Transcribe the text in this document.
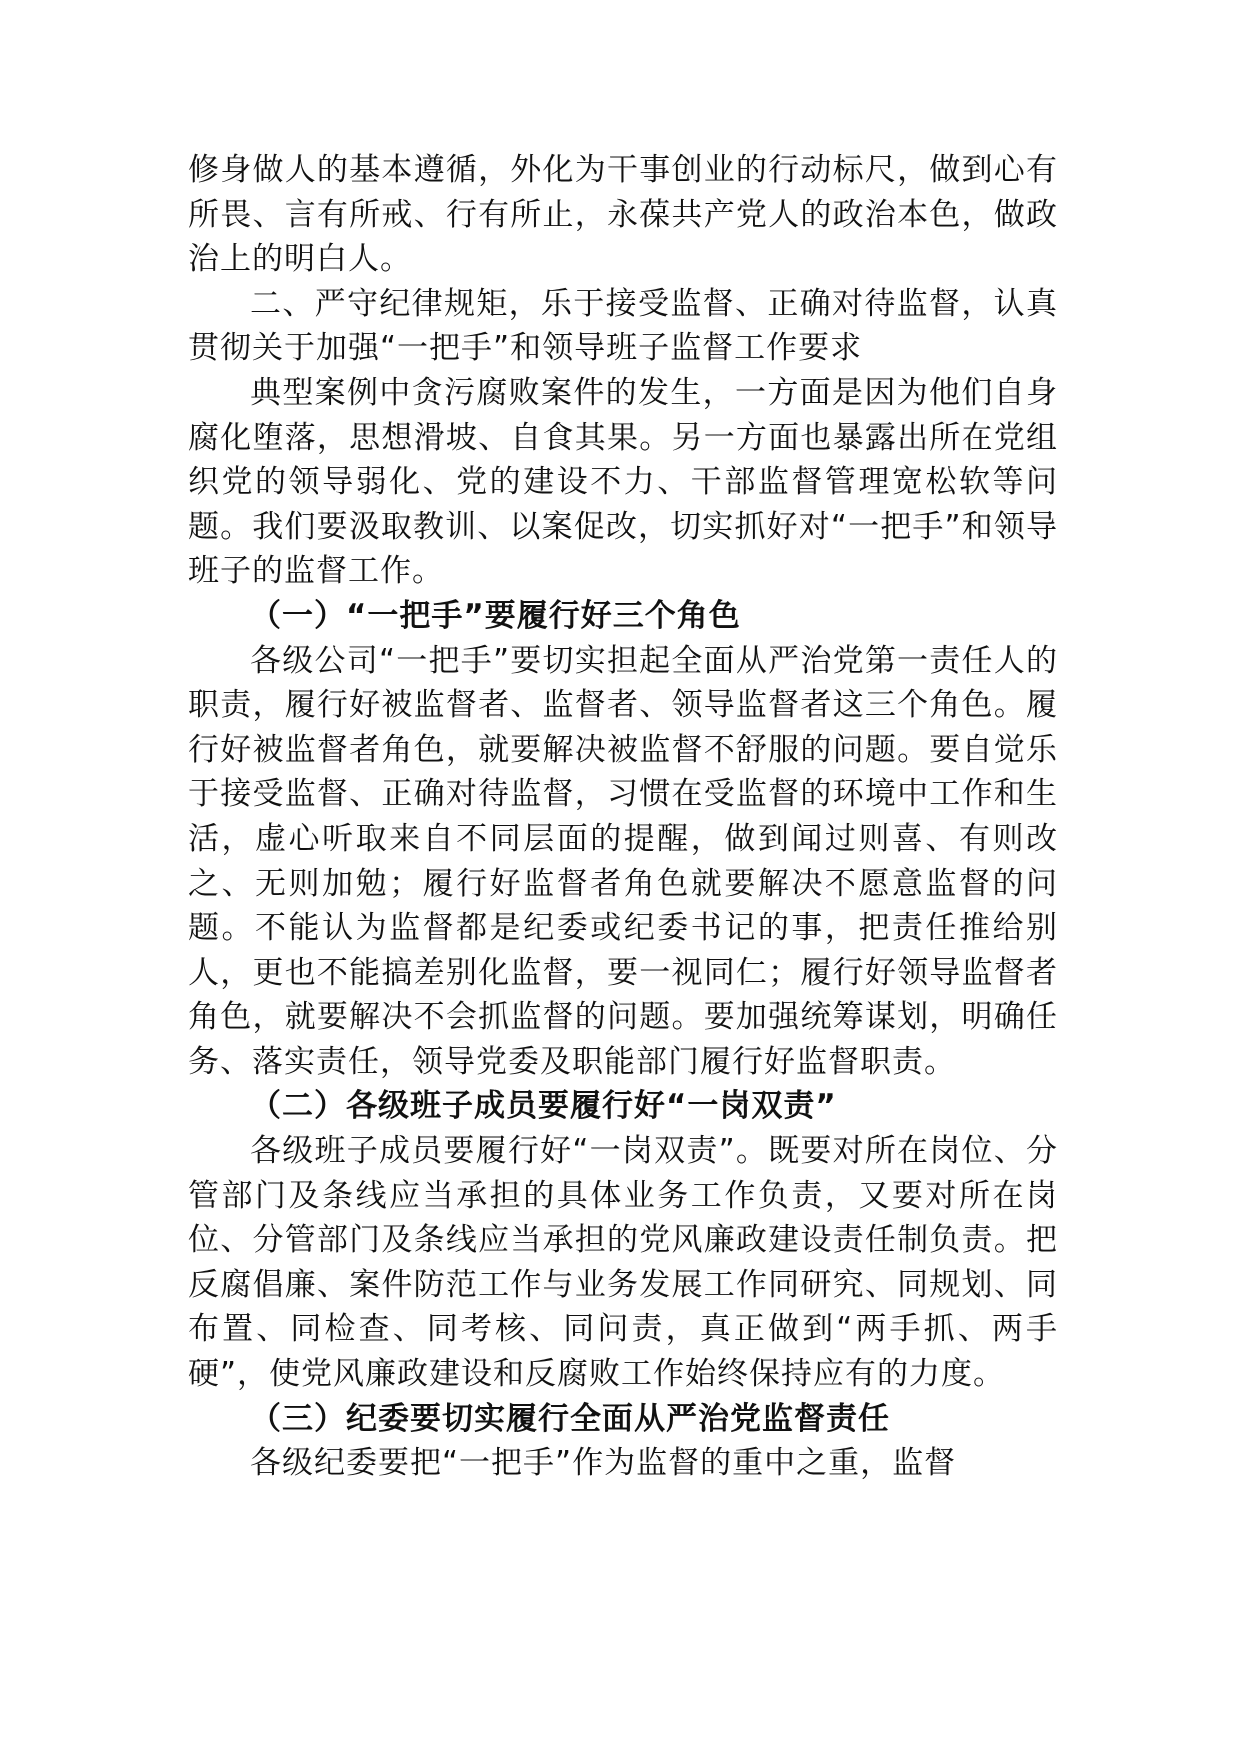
修身做人的基本遵循，外化为干事创业的行动标尺，做到心有所畏、言有所戒、行有所止，永葆共产党人的政治本色，做政治上的明白人。

二、严守纪律规矩，乐于接受监督、正确对待监督，认真贯彻关于加强“一把手”和领导班子监督工作要求

典型案例中贪污腐败案件的发生，一方面是因为他们自身腐化堕落，思想滑坡、自食其果。另一方面也暴露出所在党组织党的领导弱化、党的建设不力、干部监督管理宽松软等问题。我们要汲取教训、以案促改，切实抓好对“一把手”和领导班子的监督工作。

（一）“一把手”要履行好三个角色

各级公司“一把手”要切实担起全面从严治党第一责任人的职责，履行好被监督者、监督者、领导监督者这三个角色。履行好被监督者角色，就要解决被监督不舒服的问题。要自觉乐于接受监督、正确对待监督，习惯在受监督的环境中工作和生活，虚心听取来自不同层面的提醒，做到闻过则喜、有则改之、无则加勉；履行好监督者角色就要解决不愿意监督的问题。不能认为监督都是纪委或纪委书记的事，把责任推给别人，更也不能搞差别化监督，要一视同仁；履行好领导监督者角色，就要解决不会抓监督的问题。要加强统筹谋划，明确任务、落实责任，领导党委及职能部门履行好监督职责。

（二）各级班子成员要履行好“一岗双责”

各级班子成员要履行好“一岗双责”。既要对所在岗位、分管部门及条线应当承担的具体业务工作负责，又要对所在岗位、分管部门及条线应当承担的党风廉政建设责任制负责。把反腐倡廉、案件防范工作与业务发展工作同研究、同规划、同布置、同检查、同考核、同问责，真正做到“两手抓、两手硬”，使党风廉政建设和反腐败工作始终保持应有的力度。

（三）纪委要切实履行全面从严治党监督责任

各级纪委要把“一把手”作为监督的重中之重，监督
